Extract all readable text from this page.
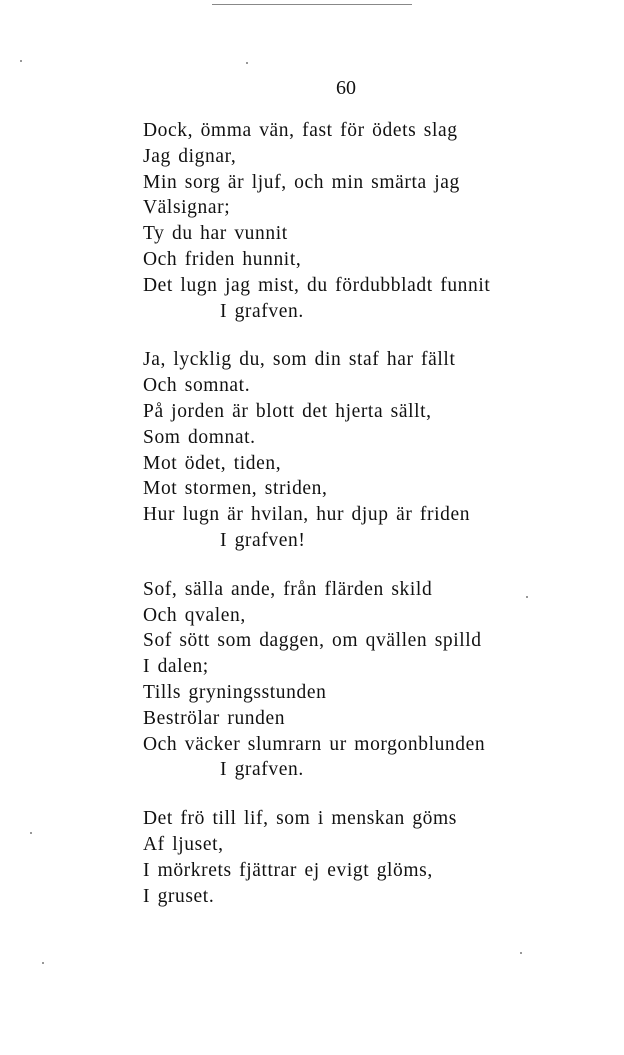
60
Dock, ömma vän, fast för ödets slag
Jag dignar,
Min sorg är ljuf, och min smärta jag
Välsignar;
Ty du har vunnit
Och friden hunnit,
Det lugn jag mist, du fördubbladt funnit
I grafven.
Ja, lycklig du, som din staf har fällt
Och somnat.
På jorden är blott det hjerta sällt,
Som domnat.
Mot ödet, tiden,
Mot stormen, striden,
Hur lugn är hvilan, hur djup är friden
I grafven!
Sof, sälla ande, från flärden skild
Och qvalen,
Sof sött som daggen, om qvällen spilld
I dalen;
Tills gryningsstunden
Beströlar runden
Och väcker slumrarn ur morgonblunden
I grafven.
Det frö till lif, som i menskan göms
Af ljuset,
I mörkrets fjättrar ej evigt glöms,
I gruset.
